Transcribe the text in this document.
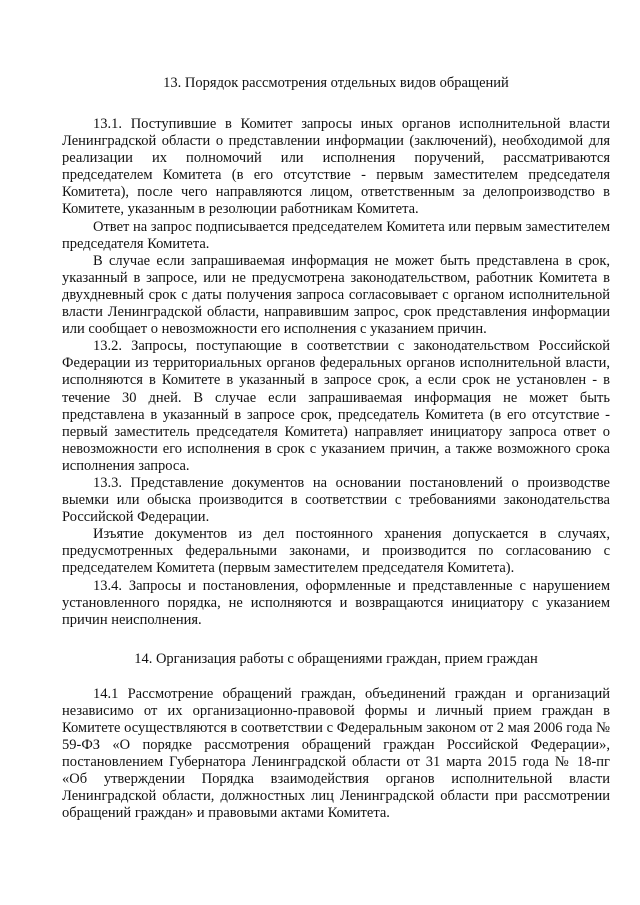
13. Порядок рассмотрения отдельных видов обращений

13.1. Поступившие в Комитет запросы иных органов исполнительной власти Ленинградской области о представлении информации (заключений), необходимой для реализации их полномочий или исполнения поручений, рассматриваются председателем Комитета (в его отсутствие - первым заместителем председателя Комитета), после чего направляются лицом, ответственным за делопроизводство в Комитете, указанным в резолюции работникам Комитета.

Ответ на запрос подписывается председателем Комитета или первым заместителем председателя Комитета.

В случае если запрашиваемая информация не может быть представлена в срок, указанный в запросе, или не предусмотрена законодательством, работник Комитета в двухдневный срок с даты получения запроса согласовывает с органом исполнительной власти Ленинградской области, направившим запрос, срок представления информации или сообщает о невозможности его исполнения с указанием причин.

13.2. Запросы, поступающие в соответствии с законодательством Российской Федерации из территориальных органов федеральных органов исполнительной власти, исполняются в Комитете в указанный в запросе срок, а если срок не установлен - в течение 30 дней. В случае если запрашиваемая информация не может быть представлена в указанный в запросе срок, председатель Комитета (в его отсутствие - первый заместитель председателя Комитета) направляет инициатору запроса ответ о невозможности его исполнения в срок с указанием причин, а также возможного срока исполнения запроса.

13.3. Представление документов на основании постановлений о производстве выемки или обыска производится в соответствии с требованиями законодательства Российской Федерации.

Изъятие документов из дел постоянного хранения допускается в случаях, предусмотренных федеральными законами, и производится по согласованию с председателем Комитета (первым заместителем председателя Комитета).

13.4. Запросы и постановления, оформленные и представленные с нарушением установленного порядка, не исполняются и возвращаются инициатору с указанием причин неисполнения.

14. Организация работы с обращениями граждан, прием граждан

14.1 Рассмотрение обращений граждан, объединений граждан и организаций независимо от их организационно-правовой формы и личный прием граждан в Комитете осуществляются в соответствии с Федеральным законом от 2 мая 2006 года № 59-ФЗ «О порядке рассмотрения обращений граждан Российской Федерации», постановлением Губернатора Ленинградской области от 31 марта 2015 года № 18-пг «Об утверждении Порядка взаимодействия органов исполнительной власти Ленинградской области, должностных лиц Ленинградской области при рассмотрении обращений граждан» и правовыми актами Комитета.
